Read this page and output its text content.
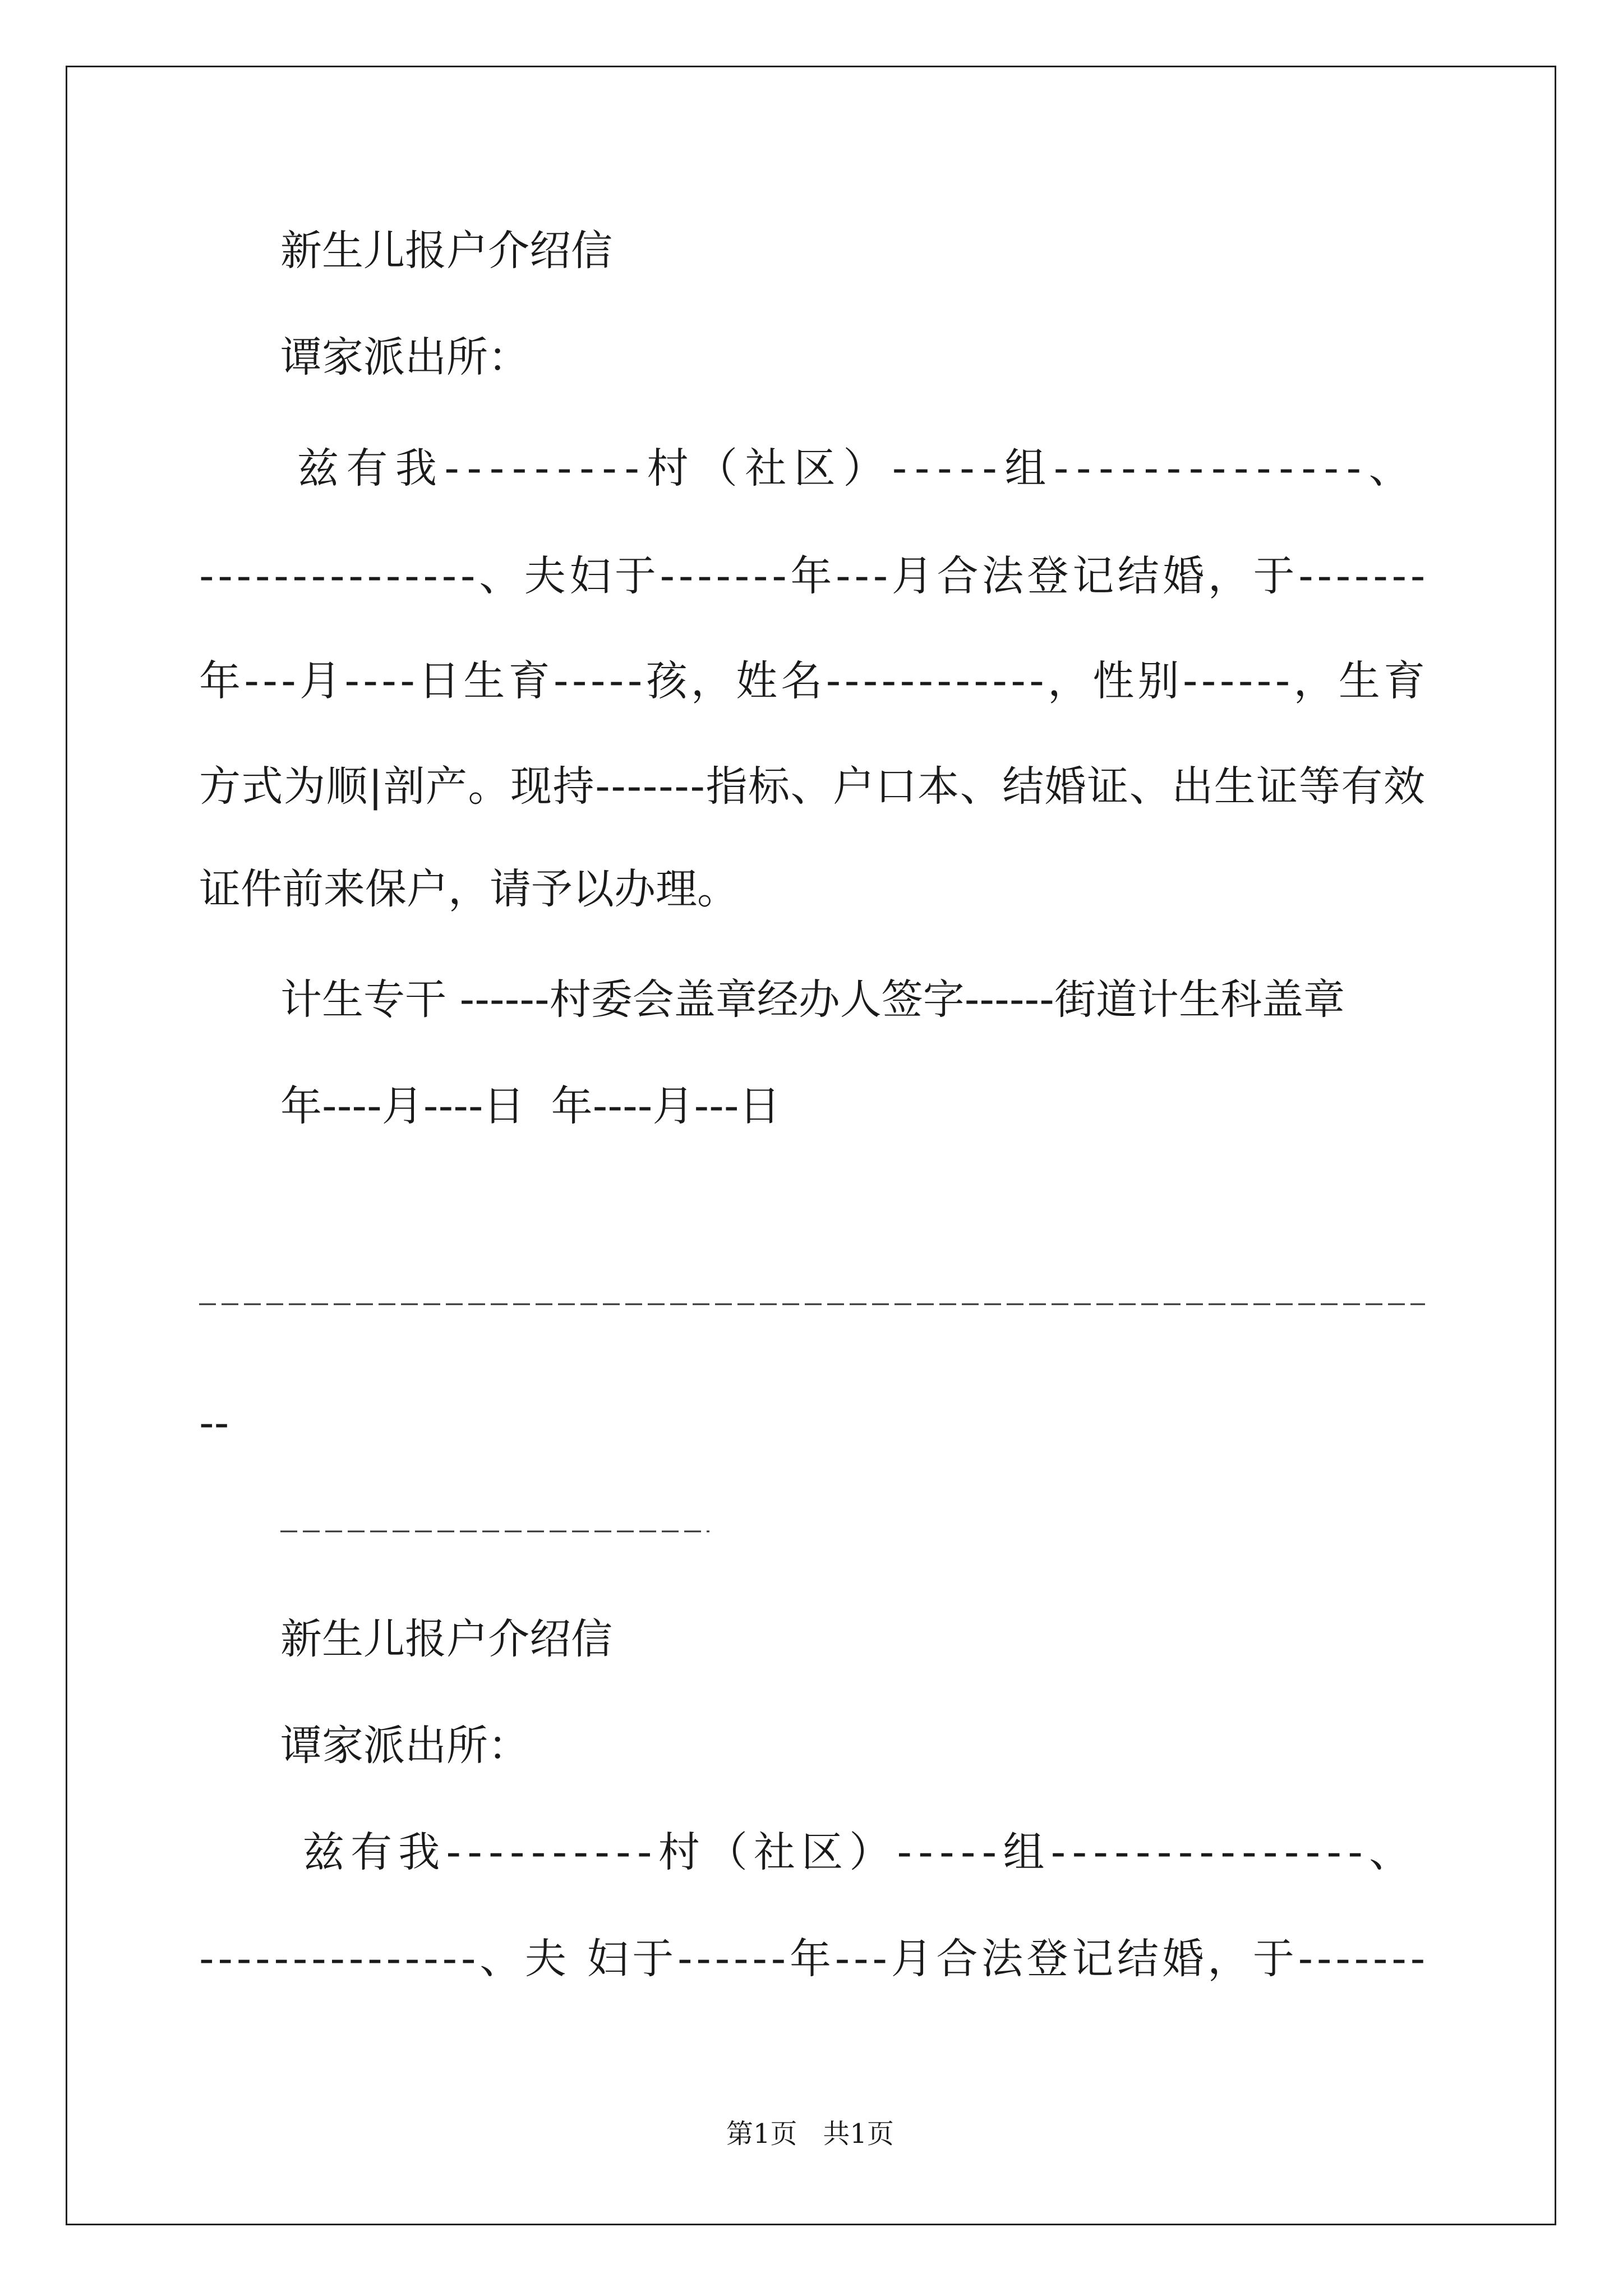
新生儿报户介绍信
谭家派出所：
兹有我---------村（社区）-----组--------------、
---------------、夫妇于-------年---月合法登记结婚，于-------
年---月----日生育-----孩，姓名------------，性别------，生育
方式为顺|剖产。现持-------指标、户口本、结婚证、出生证等有效
证件前来保户，请予以办理。
计生专干 ------村委会盖章经办人签字------街道计生科盖章
年----月----日  年----月---日
--
新生儿报户介绍信
谭家派出所：
兹有我----------村（社区）-----组---------------、
---------------、夫 妇于------年---月合法登记结婚，于-------
第1页   共1页
